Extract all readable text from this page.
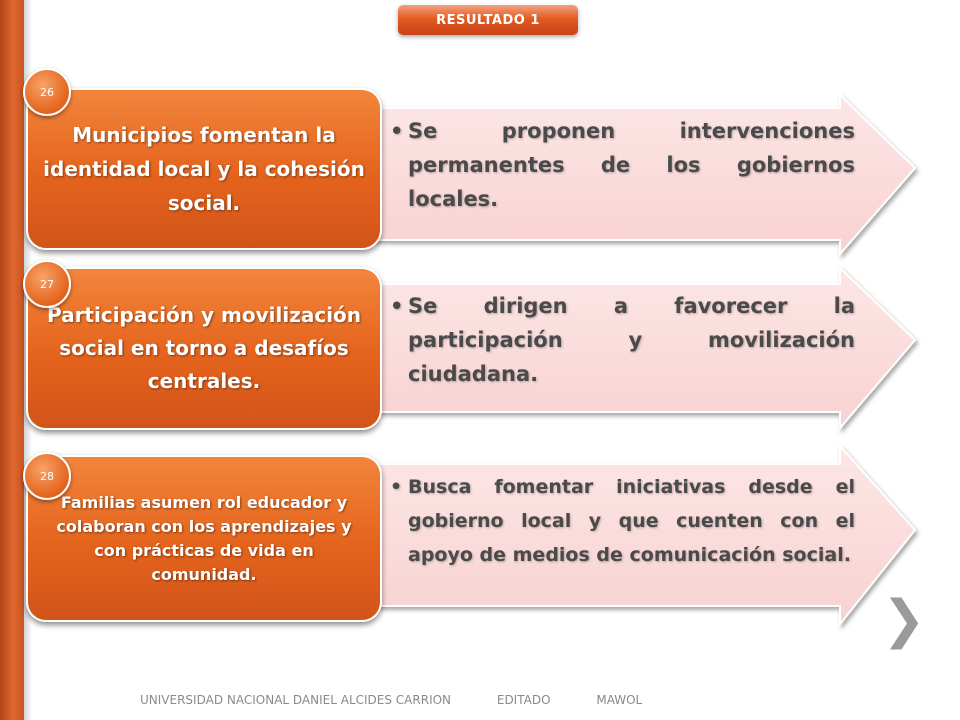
RESULTADO 1
• Se proponen intervenciones permanentes de los gobiernos locales.
• Se dirigen a favorecer la participación y movilización ciudadana.
• Busca fomentar iniciativas desde el gobierno local y que cuenten con el apoyo de medios de comunicación social.
Municipios fomentan la identidad local y la cohesión social.
Participación y movilización social en torno a desafíos centrales.
Familias asumen rol educador y colaboran con los aprendizajes y con prácticas de vida en comunidad.
26
27
28
❯
UNIVERSIDAD NACIONAL DANIEL ALCIDES CARRION	EDITADO	MAWOL
